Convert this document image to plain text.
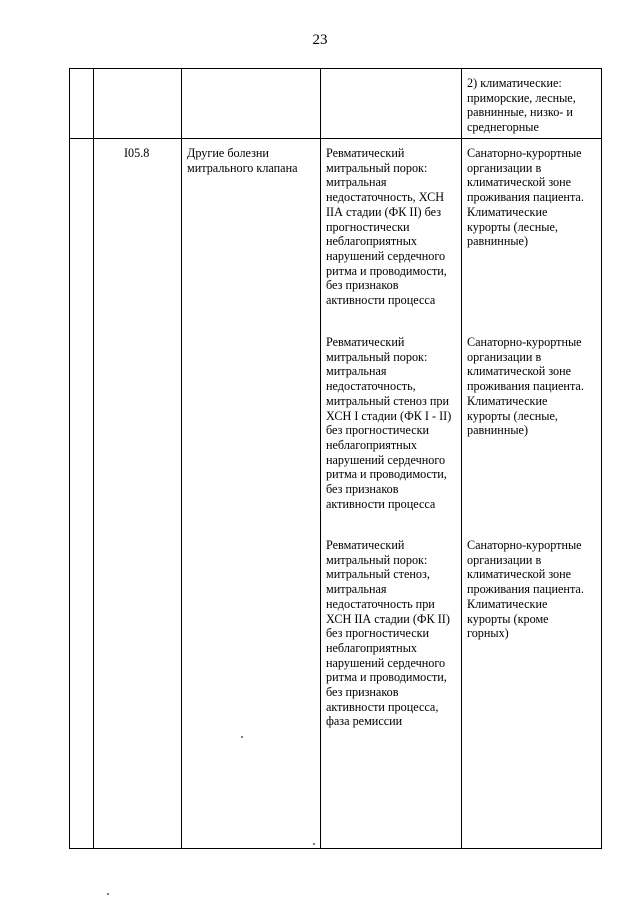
23
2) климатические:
приморские, лесные,
равнинные, низко- и
среднегорные
I05.8	Другие болезни
митрального клапана
Ревматический
митральный порок:
митральная
недостаточность, ХСН
IIА стадии (ФК II) без
прогностически
неблагоприятных
нарушений сердечного
ритма и проводимости,
без признаков
активности процесса
Санаторно-курортные
организации в
климатической зоне
проживания пациента.
Климатические
курорты (лесные,
равнинные)
Ревматический
митральный порок:
митральная
недостаточность,
митральный стеноз при
ХСН I стадии (ФК I - II)
без прогностически
неблагоприятных
нарушений сердечного
ритма и проводимости,
без признаков
активности процесса
Санаторно-курортные
организации в
климатической зоне
проживания пациента.
Климатические
курорты (лесные,
равнинные)
Ревматический
митральный порок:
митральный стеноз,
митральная
недостаточность при
ХСН IIА стадии (ФК II)
без прогностически
неблагоприятных
нарушений сердечного
ритма и проводимости,
без признаков
активности процесса,
фаза ремиссии
Санаторно-курортные
организации в
климатической зоне
проживания пациента.
Климатические
курорты (кроме
горных)
